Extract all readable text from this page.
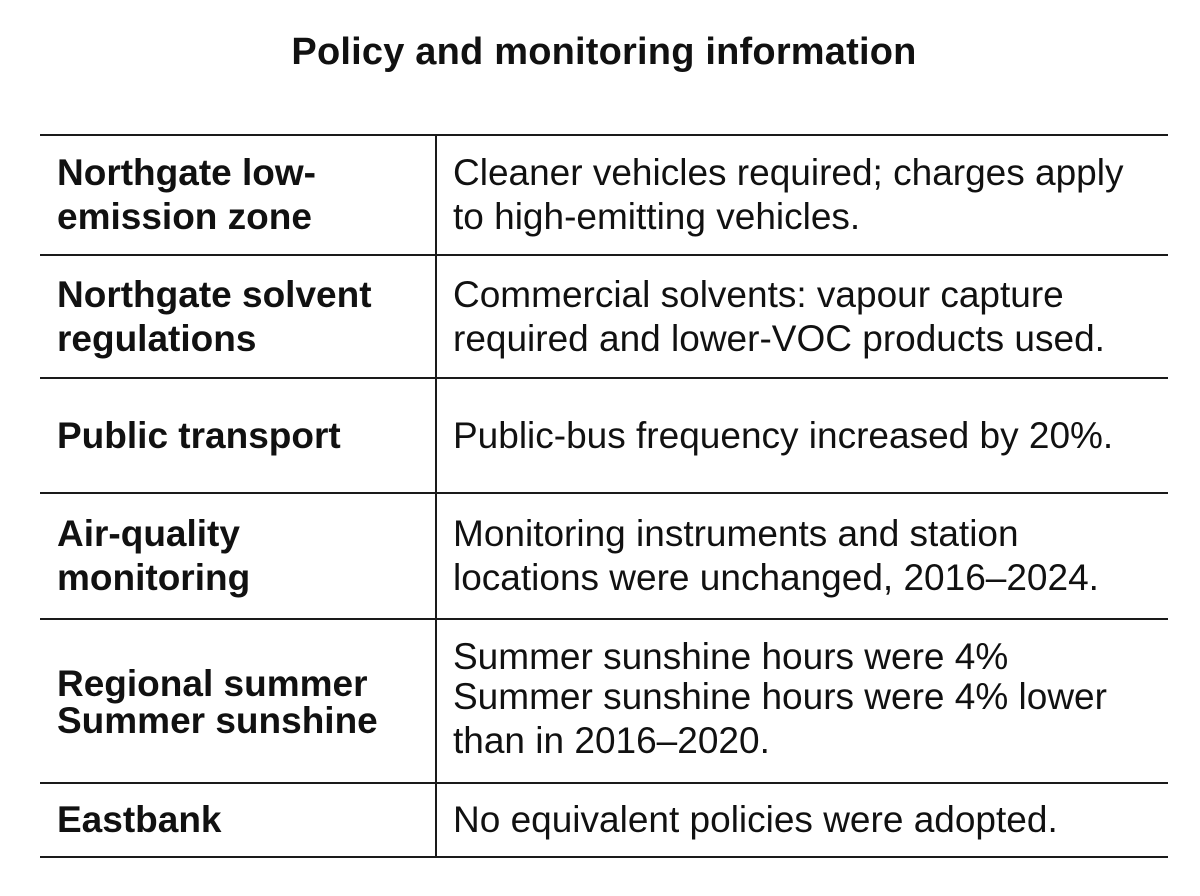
Policy and monitoring information
Northgate low-emission zone
Cleaner vehicles required; charges apply to high-emitting vehicles.
Northgate solvent regulations
Commercial solvents: vapour capture required and lower-VOC products used.
Public transport	Public-bus frequency increased by 20%.
Air-quality monitoring
Monitoring instruments and station locations were unchanged, 2016–2024.
Regional summer
Summer sunshine
Summer sunshine hours were 4%
Summer sunshine hours were 4% lower than in 2016–2020.
Eastbank	No equivalent policies were adopted.
